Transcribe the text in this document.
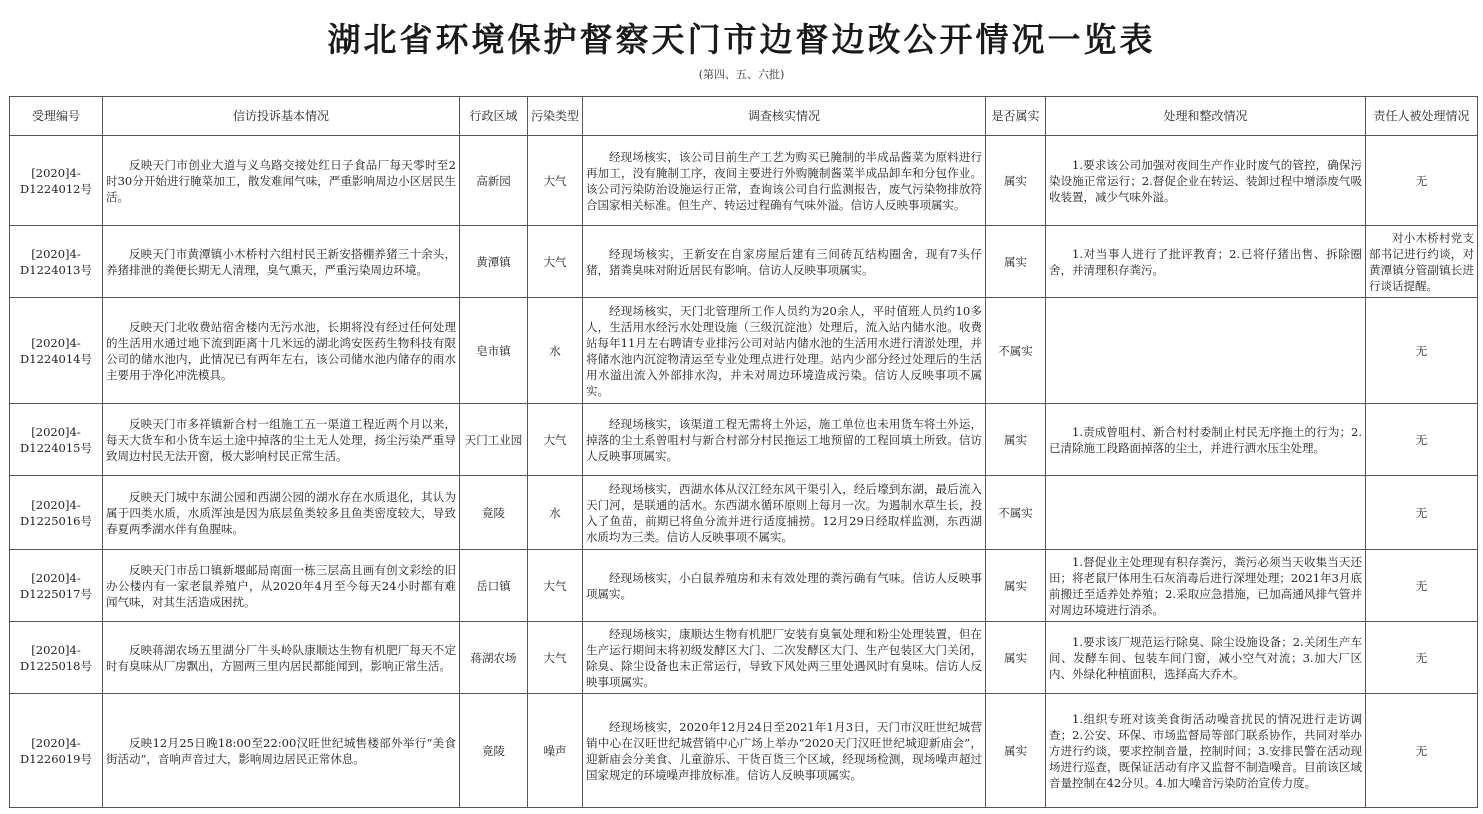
湖北省环境保护督察天门市边督边改公开情况一览表
(第四、五、六批)
受理编号	信访投诉基本情况	行政区域	污染类型	调查核实情况	是否属实	处理和整改情况	责任人被处理情况
[2020]4-D1224012号	反映天门市创业大道与义乌路交接处红日子食品厂每天零时至2时30分开始进行腌菜加工，散发难闻气味，严重影响周边小区居民生活。	高新园	大气	经现场核实，该公司目前生产工艺为购买已腌制的半成品酱菜为原料进行再加工，没有腌制工序，夜间主要进行外购腌制酱菜半成品卸车和分包作业。该公司污染防治设施运行正常，查询该公司自行监测报告，废气污染物排放符合国家相关标准。但生产、转运过程确有气味外溢。信访人反映事项属实。	属实	1.要求该公司加强对夜间生产作业时废气的管控，确保污染设施正常运行；2.督促企业在转运、装卸过程中增添废气吸收装置，减少气味外溢。	无
[2020]4-D1224013号	反映天门市黄潭镇小木桥村六组村民王新安搭棚养猪三十余头，养猪排泄的粪便长期无人清理，臭气熏天，严重污染周边环境。	黄潭镇	大气	经现场核实，王新安在自家房屋后建有三间砖瓦结构圈舍，现有7头仔猪，猪粪臭味对附近居民有影响。信访人反映事项属实。	属实	1.对当事人进行了批评教育；2.已将仔猪出售、拆除圈舍，并清理积存粪污。	对小木桥村党支部书记进行约谈，对黄潭镇分管副镇长进行谈话提醒。
[2020]4-D1224014号	反映天门北收费站宿舍楼内无污水池，长期将没有经过任何处理的生活用水通过地下流到距离十几米远的湖北鸿安医药生物科技有限公司的储水池内，此情况已有两年左右，该公司储水池内储存的雨水主要用于净化冲洗模具。	皂市镇	水	经现场核实，天门北管理所工作人员约为20余人，平时值班人员约10多人，生活用水经污水处理设施（三级沉淀池）处理后，流入站内储水池。收费站每年11月左右聘请专业排污公司对站内储水池的生活用水进行清淤处理，并将储水池内沉淀物清运至专业处理点进行处理。站内少部分经过处理后的生活用水溢出流入外部排水沟，并未对周边环境造成污染。信访人反映事项不属实。	不属实		无
[2020]4-D1224015号	反映天门市多祥镇新合村一组施工五一渠道工程近两个月以来，每天大货车和小货车运土途中掉落的尘土无人处理，扬尘污染严重导致周边村民无法开窗，极大影响村民正常生活。	天门工业园	大气	经现场核实，该渠道工程无需将土外运，施工单位也未用货车将土外运，掉落的尘土系曾咀村与新合村部分村民拖运工地预留的工程回填土所致。信访人反映事项属实。	属实	1.责成曾咀村、新合村村委制止村民无序拖土的行为；2.已清除施工段路面掉落的尘土，并进行洒水压尘处理。	无
[2020]4-D1225016号	反映天门城中东湖公园和西湖公园的湖水存在水质退化，其认为属于四类水质，水质浑浊是因为底层鱼类较多且鱼类密度较大，导致春夏两季湖水伴有鱼腥味。	竟陵	水	经现场核实，西湖水体从汉江经东风干渠引入，经后壕到东湖，最后流入天门河，是联通的活水。东西湖水循环原则上每月一次。为遏制水草生长，投入了鱼苗，前期已将鱼分流并进行适度捕捞。12月29日经取样监测，东西湖水质均为三类。信访人反映事项不属实。	不属实		无
[2020]4-D1225017号	反映天门市岳口镇新堰邮局南面一栋三层高且画有创文彩绘的旧办公楼内有一家老鼠养殖户，从2020年4月至今每天24小时都有难闻气味，对其生活造成困扰。	岳口镇	大气	经现场核实，小白鼠养殖房和未有效处理的粪污确有气味。信访人反映事项属实。	属实	1.督促业主处理现有积存粪污，粪污必须当天收集当天还田；将老鼠尸体用生石灰消毒后进行深埋处理；2021年3月底前搬迁至适养处养殖；2.采取应急措施，已加高通风排气管并对周边环境进行消杀。	无
[2020]4-D1225018号	反映蒋湖农场五里湖分厂牛头岭队康顺达生物有机肥厂每天不定时有臭味从厂房飘出，方圆两三里内居民都能闻到，影响正常生活。	蒋湖农场	大气	经现场核实，康顺达生物有机肥厂安装有臭氧处理和粉尘处理装置，但在生产运行期间未将初级发酵区大门、二次发酵区大门、生产包装区大门关闭，除臭、除尘设备也未正常运行，导致下风处两三里处遇风时有臭味。信访人反映事项属实。	属实	1.要求该厂规范运行除臭、除尘设施设备；2.关闭生产车间、发酵车间、包装车间门窗，减小空气对流；3.加大厂区内、外绿化种植面积，选择高大乔木。	无
[2020]4-D1226019号	反映12月25日晚18:00至22:00汉旺世纪城售楼部外举行“美食街活动”，音响声音过大，影响周边居民正常休息。	竟陵	噪声	经现场核实，2020年12月24日至2021年1月3日，天门市汉旺世纪城营销中心在汉旺世纪城营销中心广场上举办“2020天门汉旺世纪城迎新庙会”，迎新庙会分美食、儿童游乐、干货百货三个区域，经现场检测，现场噪声超过国家规定的环境噪声排放标准。信访人反映事项属实。	属实	1.组织专班对该美食街活动噪音扰民的情况进行走访调查；2.公安、环保、市场监督局等部门联系协作，共同对举办方进行约谈，要求控制音量，控制时间；3.安排民警在活动现场进行巡查，既保证活动有序又监督不制造噪音。目前该区域音量控制在42分贝。4.加大噪音污染防治宣传力度。	无
